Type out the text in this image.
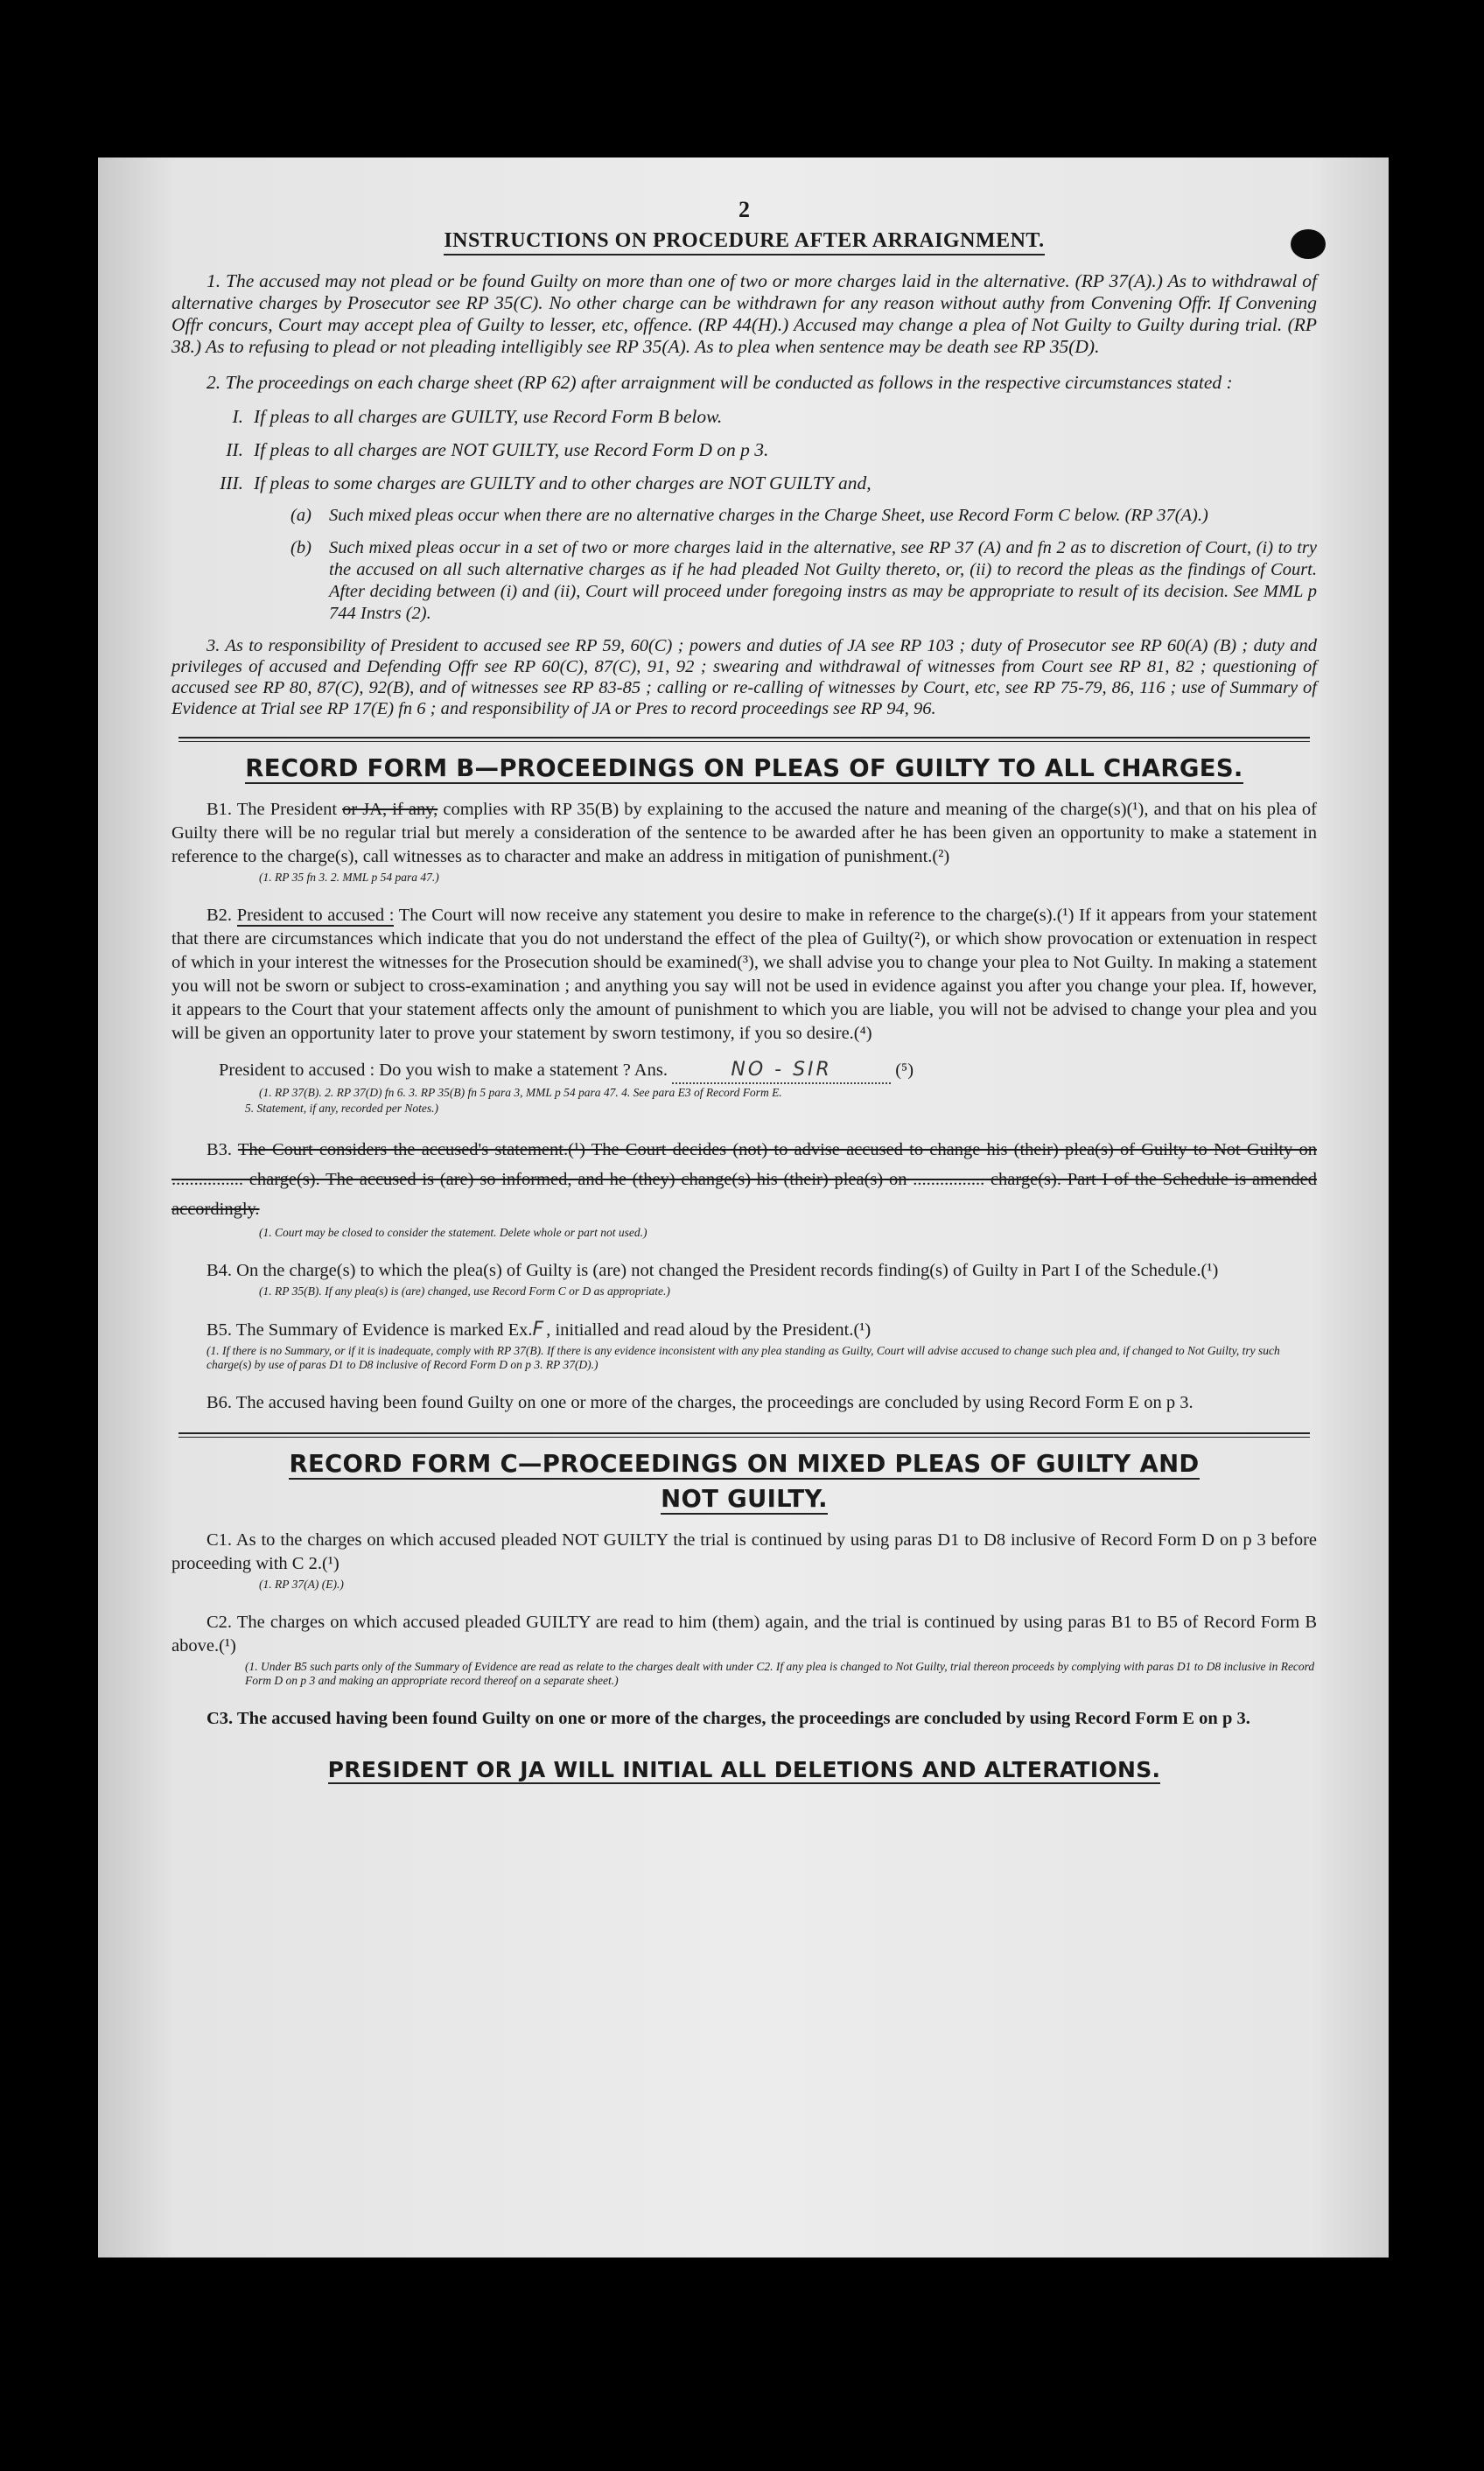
2
INSTRUCTIONS ON PROCEDURE AFTER ARRAIGNMENT.

1. The accused may not plead or be found Guilty on more than one of two or more charges laid in the alternative. (RP 37(A).) As to withdrawal of alternative charges by Prosecutor see RP 35(C). No other charge can be withdrawn for any reason without authy from Convening Offr. If Convening Offr concurs, Court may accept plea of Guilty to lesser, etc, offence. (RP 44(H).) Accused may change a plea of Not Guilty to Guilty during trial. (RP 38.) As to refusing to plead or not pleading intelligibly see RP 35(A). As to plea when sentence may be death see RP 35(D).

2. The proceedings on each charge sheet (RP 62) after arraignment will be conducted as follows in the respective circumstances stated :

I. If pleas to all charges are GUILTY, use Record Form B below.
II. If pleas to all charges are NOT GUILTY, use Record Form D on p 3.
III. If pleas to some charges are GUILTY and to other charges are NOT GUILTY and,
(a) Such mixed pleas occur when there are no alternative charges in the Charge Sheet, use Record Form C below. (RP 37(A).)
(b) Such mixed pleas occur in a set of two or more charges laid in the alternative, see RP 37 (A) and fn 2 as to discretion of Court, (i) to try the accused on all such alternative charges as if he had pleaded Not Guilty thereto, or, (ii) to record the pleas as the findings of Court. After deciding between (i) and (ii), Court will proceed under foregoing instrs as may be appropriate to result of its decision. See MML p 744 Instrs (2).

3. As to responsibility of President to accused see RP 59, 60(C) ; powers and duties of JA see RP 103 ; duty of Prosecutor see RP 60(A) (B) ; duty and privileges of accused and Defending Offr see RP 60(C), 87(C), 91, 92 ; swearing and withdrawal of witnesses from Court see RP 81, 82 ; questioning of accused see RP 80, 87(C), 92(B), and of witnesses see RP 83-85 ; calling or re-calling of witnesses by Court, etc, see RP 75-79, 86, 116 ; use of Summary of Evidence at Trial see RP 17(E) fn 6 ; and responsibility of JA or Pres to record proceedings see RP 94, 96.

RECORD FORM B—PROCEEDINGS ON PLEAS OF GUILTY TO ALL CHARGES.

B1. The President or JA, if any, complies with RP 35(B) by explaining to the accused the nature and meaning of the charge(s)(¹), and that on his plea of Guilty there will be no regular trial but merely a consideration of the sentence to be awarded after he has been given an opportunity to make a statement in reference to the charge(s), call witnesses as to character and make an address in mitigation of punishment.(²)

(1. RP 35 fn 3. 2. MML p 54 para 47.)

B2. President to accused : The Court will now receive any statement you desire to make in reference to the charge(s).(¹) If it appears from your statement that there are circumstances which indicate that you do not understand the effect of the plea of Guilty(²), or which show provocation or extenuation in respect of which in your interest the witnesses for the Prosecution should be examined(³), we shall advise you to change your plea to Not Guilty. In making a statement you will not be sworn or subject to cross-examination ; and anything you say will not be used in evidence against you after you change your plea. If, however, it appears to the Court that your statement affects only the amount of punishment to which you are liable, you will not be advised to change your plea and you will be given an opportunity later to prove your statement by sworn testimony, if you so desire.(⁴)

President to accused : Do you wish to make a statement ? Ans.	NO - SIR	(⁵)

(1. RP 37(B). 2. RP 37(D) fn 6. 3. RP 35(B) fn 5 para 3, MML p 54 para 47. 4. See para E3 of Record Form E.

5. Statement, if any, recorded per Notes.)

B3. The Court considers the accused's statement.(¹) The Court decides (not) to advise accused to change his (their) plea(s) of Guilty to Not Guilty on ................ charge(s). The accused is (are) so informed, and he (they) change(s) his (their) plea(s) on ................ charge(s). Part I of the Schedule is amended accordingly.

(1. Court may be closed to consider the statement. Delete whole or part not used.)

B4. On the charge(s) to which the plea(s) of Guilty is (are) not changed the President records finding(s) of Guilty in Part I of the Schedule.(¹)

(1. RP 35(B). If any plea(s) is (are) changed, use Record Form C or D as appropriate.)

B5. The Summary of Evidence is marked Ex.F, initialled and read aloud by the President.(¹)

(1. If there is no Summary, or if it is inadequate, comply with RP 37(B). If there is any evidence inconsistent with any plea standing as Guilty, Court will advise accused to change such plea and, if changed to Not Guilty, try such charge(s) by use of paras D1 to D8 inclusive of Record Form D on p 3. RP 37(D).)

B6. The accused having been found Guilty on one or more of the charges, the proceedings are concluded by using Record Form E on p 3.

RECORD FORM C—PROCEEDINGS ON MIXED PLEAS OF GUILTY AND
NOT GUILTY.

C1. As to the charges on which accused pleaded NOT GUILTY the trial is continued by using paras D1 to D8 inclusive of Record Form D on p 3 before proceeding with C 2.(¹)

(1. RP 37(A) (E).)

C2. The charges on which accused pleaded GUILTY are read to him (them) again, and the trial is continued by using paras B1 to B5 of Record Form B above.(¹)

(1. Under B5 such parts only of the Summary of Evidence are read as relate to the charges dealt with under C2. If any plea is changed to Not Guilty, trial thereon proceeds by complying with paras D1 to D8 inclusive in Record Form D on p 3 and making an appropriate record thereof on a separate sheet.)

C3. The accused having been found Guilty on one or more of the charges, the proceedings are concluded by using Record Form E on p 3.

PRESIDENT OR JA WILL INITIAL ALL DELETIONS AND ALTERATIONS.
